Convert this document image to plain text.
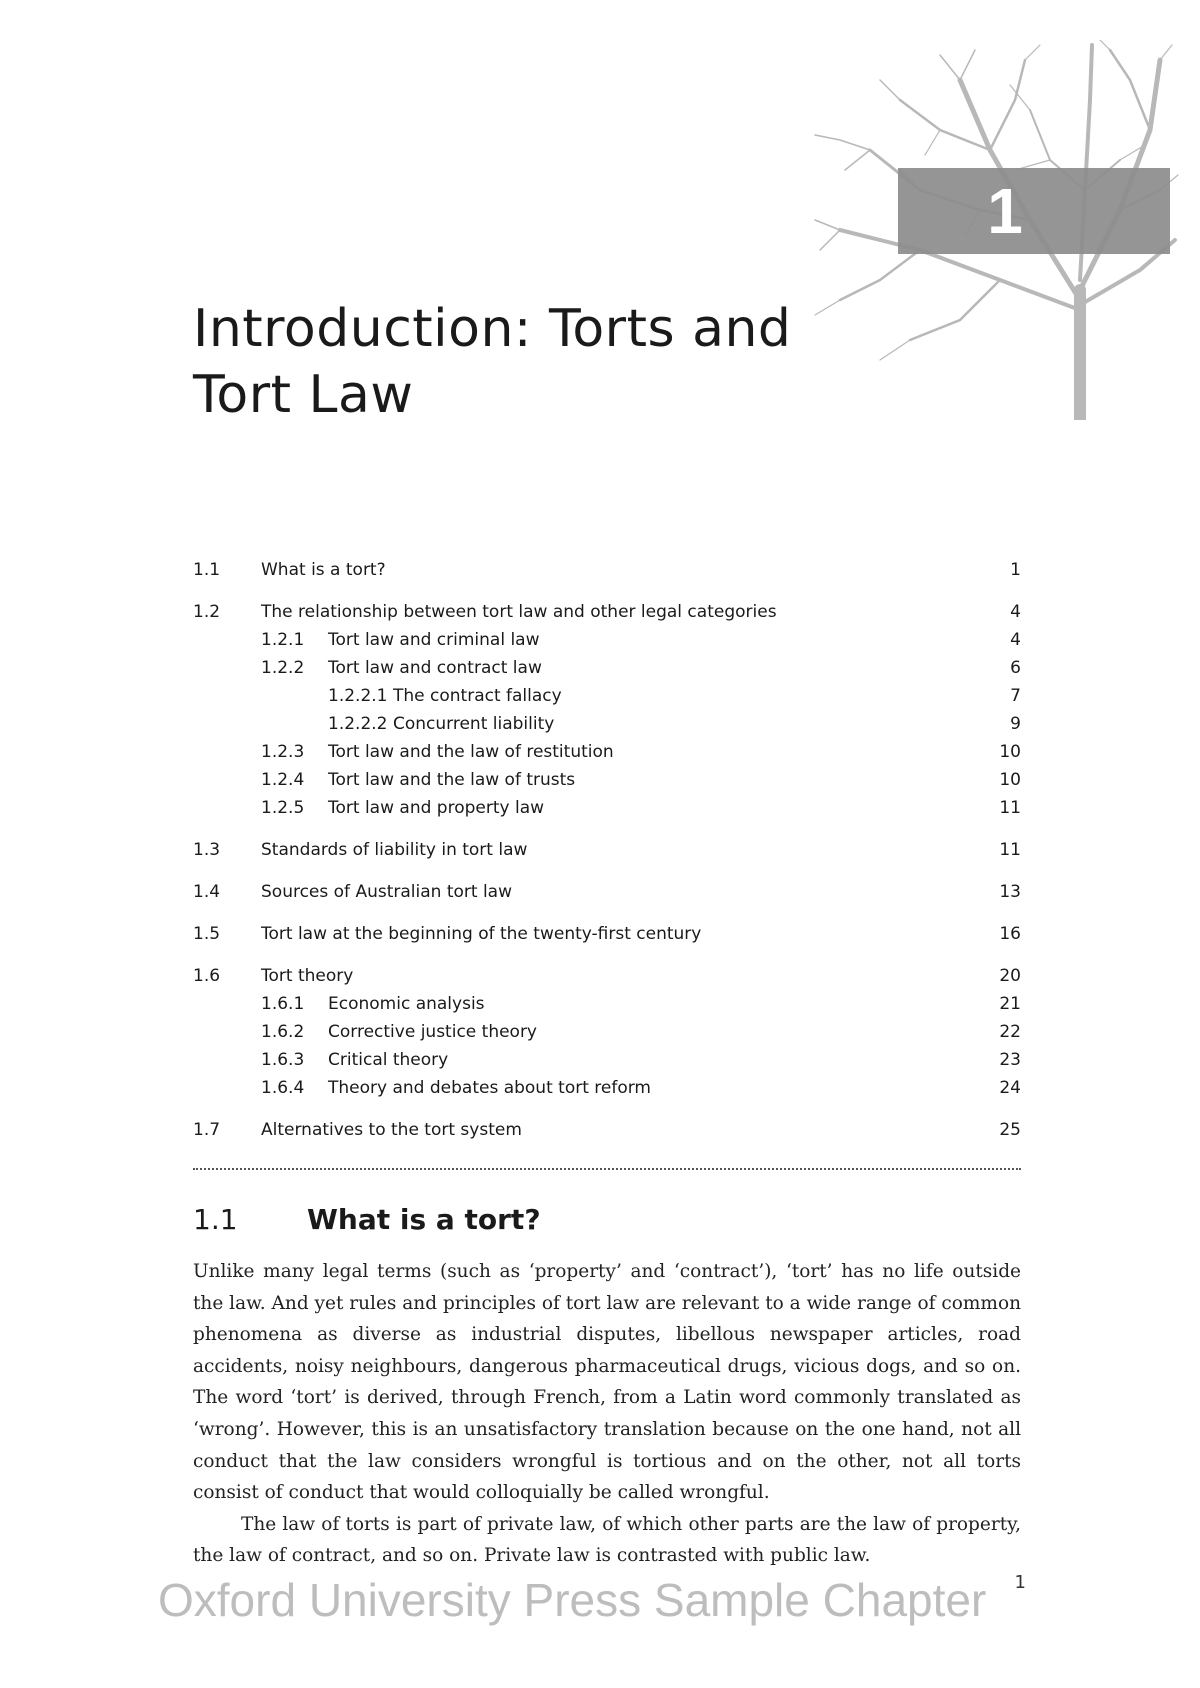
1
Introduction: Torts and Tort Law
1.1 What is a tort?	1
1.2 The relationship between tort law and other legal categories	4
1.2.1 Tort law and criminal law	4
1.2.2 Tort law and contract law	6
1.2.2.1 The contract fallacy	7
1.2.2.2 Concurrent liability	9
1.2.3 Tort law and the law of restitution	10
1.2.4 Tort law and the law of trusts	10
1.2.5 Tort law and property law	11
1.3 Standards of liability in tort law	11
1.4 Sources of Australian tort law	13
1.5 Tort law at the beginning of the twenty-first century	16
1.6 Tort theory	20
1.6.1 Economic analysis	21
1.6.2 Corrective justice theory	22
1.6.3 Critical theory	23
1.6.4 Theory and debates about tort reform	24
1.7 Alternatives to the tort system	25
1.1 What is a tort?

Unlike many legal terms (such as ‘property’ and ‘contract’), ‘tort’ has no life outside the law. And yet rules and principles of tort law are relevant to a wide range of common phenomena as diverse as industrial disputes, libellous newspaper articles, road accidents, noisy neighbours, dangerous pharmaceutical drugs, vicious dogs, and so on. The word ‘tort’ is derived, through French, from a Latin word commonly translated as ‘wrong’. However, this is an unsatisfactory translation because on the one hand, not all conduct that the law considers wrongful is tortious and on the other, not all torts consist of conduct that would colloquially be called wrongful.

The law of torts is part of private law, of which other parts are the law of property, the law of contract, and so on. Private law is contrasted with public law.

Oxford University Press Sample Chapter	1
